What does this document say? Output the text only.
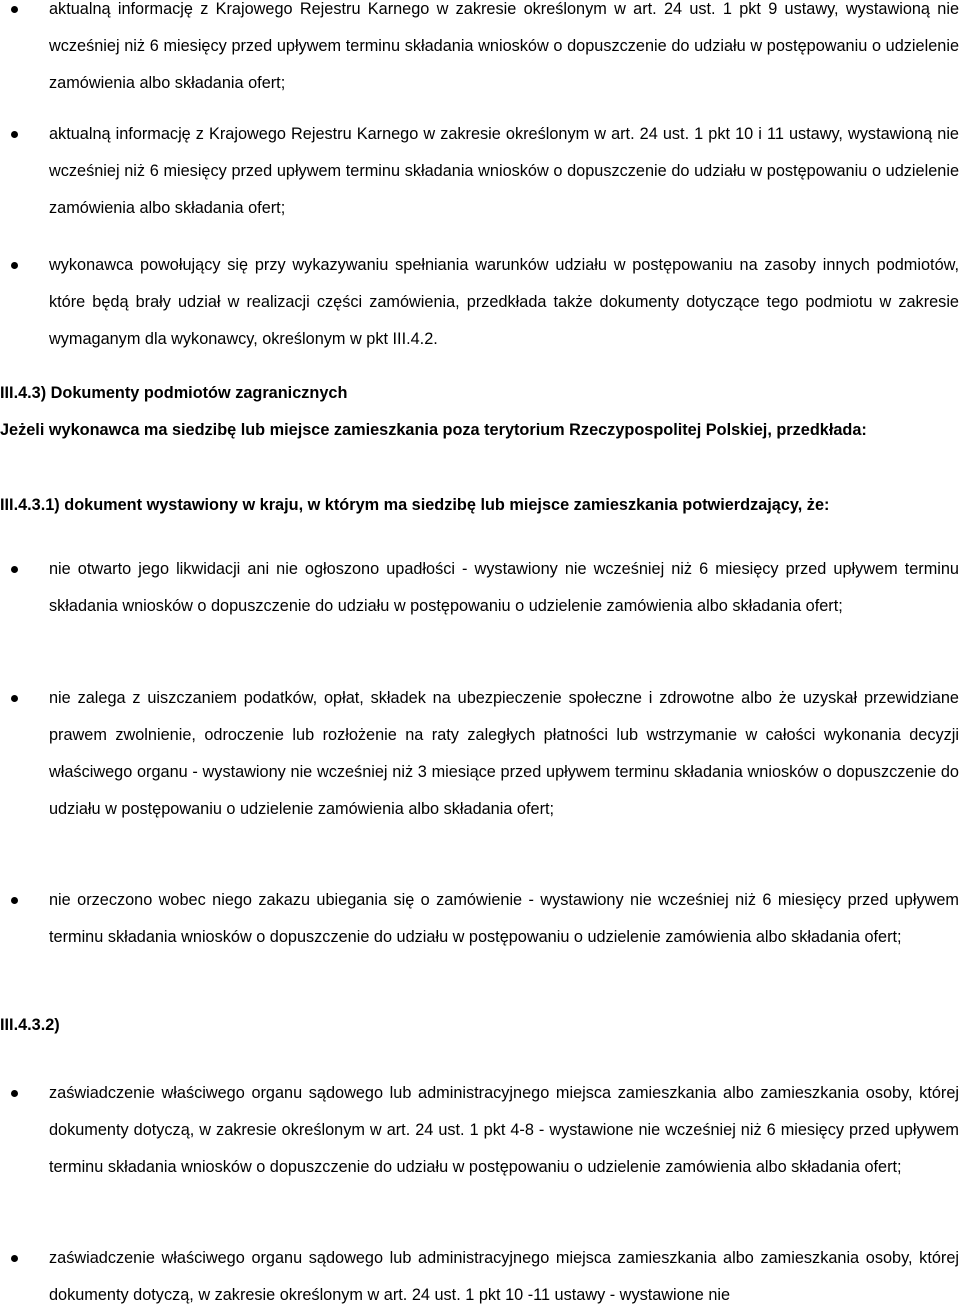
aktualną informację z Krajowego Rejestru Karnego w zakresie określonym w art. 24 ust. 1 pkt 9 ustawy, wystawioną nie wcześniej niż 6 miesięcy przed upływem terminu składania wniosków o dopuszczenie do udziału w postępowaniu o udzielenie zamówienia albo składania ofert;

aktualną informację z Krajowego Rejestru Karnego w zakresie określonym w art. 24 ust. 1 pkt 10 i 11 ustawy, wystawioną nie wcześniej niż 6 miesięcy przed upływem terminu składania wniosków o dopuszczenie do udziału w postępowaniu o udzielenie zamówienia albo składania ofert;

wykonawca powołujący się przy wykazywaniu spełniania warunków udziału w postępowaniu na zasoby innych podmiotów, które będą brały udział w realizacji części zamówienia, przedkłada także dokumenty dotyczące tego podmiotu w zakresie wymaganym dla wykonawcy, określonym w pkt III.4.2.

III.4.3) Dokumenty podmiotów zagranicznych

Jeżeli wykonawca ma siedzibę lub miejsce zamieszkania poza terytorium Rzeczypospolitej Polskiej, przedkłada:

III.4.3.1) dokument wystawiony w kraju, w którym ma siedzibę lub miejsce zamieszkania potwierdzający, że:

nie otwarto jego likwidacji ani nie ogłoszono upadłości - wystawiony nie wcześniej niż 6 miesięcy przed upływem terminu składania wniosków o dopuszczenie do udziału w postępowaniu o udzielenie zamówienia albo składania ofert;

nie zalega z uiszczaniem podatków, opłat, składek na ubezpieczenie społeczne i zdrowotne albo że uzyskał przewidziane prawem zwolnienie, odroczenie lub rozłożenie na raty zaległych płatności lub wstrzymanie w całości wykonania decyzji właściwego organu - wystawiony nie wcześniej niż 3 miesiące przed upływem terminu składania wniosków o dopuszczenie do udziału w postępowaniu o udzielenie zamówienia albo składania ofert;

nie orzeczono wobec niego zakazu ubiegania się o zamówienie - wystawiony nie wcześniej niż 6 miesięcy przed upływem terminu składania wniosków o dopuszczenie do udziału w postępowaniu o udzielenie zamówienia albo składania ofert;

III.4.3.2)

zaświadczenie właściwego organu sądowego lub administracyjnego miejsca zamieszkania albo zamieszkania osoby, której dokumenty dotyczą, w zakresie określonym w art. 24 ust. 1 pkt 4-8 - wystawione nie wcześniej niż 6 miesięcy przed upływem terminu składania wniosków o dopuszczenie do udziału w postępowaniu o udzielenie zamówienia albo składania ofert;

zaświadczenie właściwego organu sądowego lub administracyjnego miejsca zamieszkania albo zamieszkania osoby, której dokumenty dotyczą, w zakresie określonym w art. 24 ust. 1 pkt 10 -11 ustawy - wystawione nie
